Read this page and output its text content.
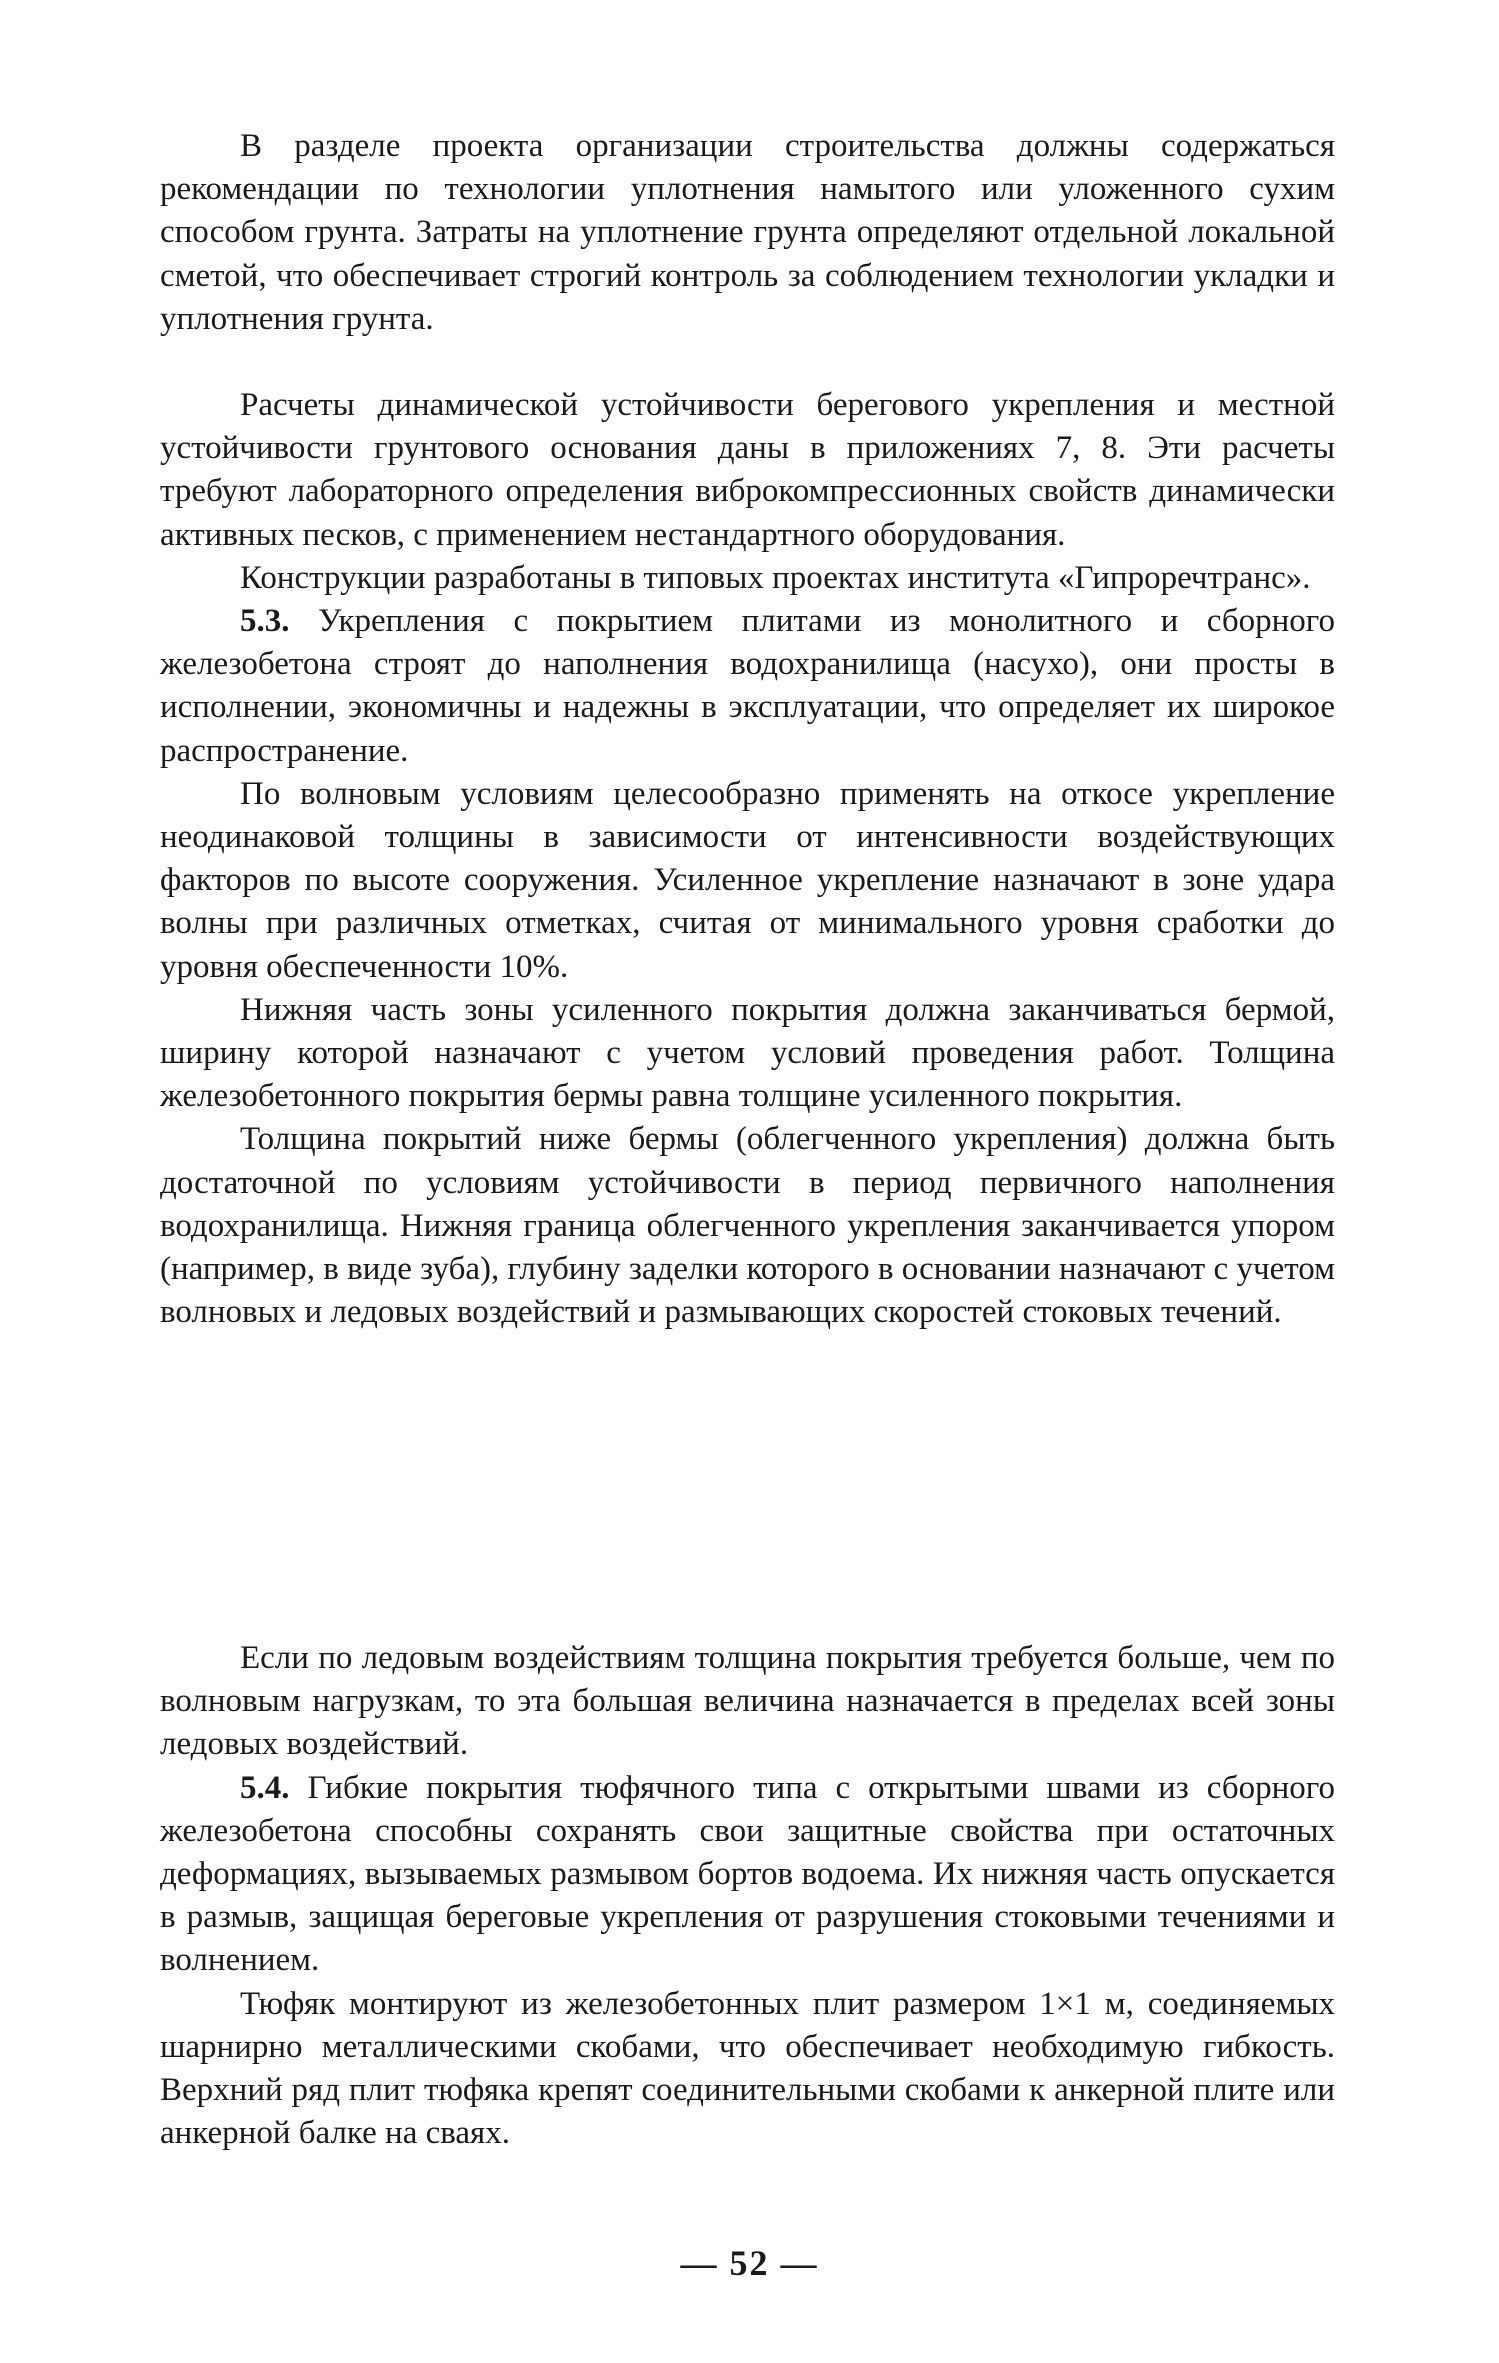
В разделе проекта организации строительства должны содержаться рекомендации по технологии уплотнения намытого или уложенного сухим способом грунта. Затраты на уплотнение грунта определяют отдельной локальной сметой, что обеспечивает строгий контроль за соблюдением технологии укладки и уплотнения грунта.

Расчеты динамической устойчивости берегового укрепления и местной устойчивости грунтового основания даны в приложениях 7, 8. Эти расчеты требуют лабораторного определения виброкомпрессионных свойств динамически активных песков, с применением нестандартного оборудования.

Конструкции разработаны в типовых проектах института «Гипроречтранс».

5.3. Укрепления с покрытием плитами из монолитного и сборного железобетона строят до наполнения водохранилища (насухо), они просты в исполнении, экономичны и надежны в эксплуатации, что определяет их широкое распространение.

По волновым условиям целесообразно применять на откосе укрепление неодинаковой толщины в зависимости от интенсивности воздействующих факторов по высоте сооружения. Усиленное укрепление назначают в зоне удара волны при различных отметках, считая от минимального уровня сработки до уровня обеспеченности 10%.

Нижняя часть зоны усиленного покрытия должна заканчиваться бермой, ширину которой назначают с учетом условий проведения работ. Толщина железобетонного покрытия бермы равна толщине усиленного покрытия.

Толщина покрытий ниже бермы (облегченного укрепления) должна быть достаточной по условиям устойчивости в период первичного наполнения водохранилища. Нижняя граница облегченного укрепления заканчивается упором (например, в виде зуба), глубину заделки которого в основании назначают с учетом волновых и ледовых воздействий и размывающих скоростей стоковых течений.

Если по ледовым воздействиям толщина покрытия требуется больше, чем по волновым нагрузкам, то эта большая величина назначается в пределах всей зоны ледовых воздействий.

5.4. Гибкие покрытия тюфячного типа с открытыми швами из сборного железобетона способны сохранять свои защитные свойства при остаточных деформациях, вызываемых размывом бортов водоема. Их нижняя часть опускается в размыв, защищая береговые укрепления от разрушения стоковыми течениями и волнением.

Тюфяк монтируют из железобетонных плит размером 1×1 м, соединяемых шарнирно металлическими скобами, что обеспечивает необходимую гибкость. Верхний ряд плит тюфяка крепят соединительными скобами к анкерной плите или анкерной балке на сваях.

— 52 —
